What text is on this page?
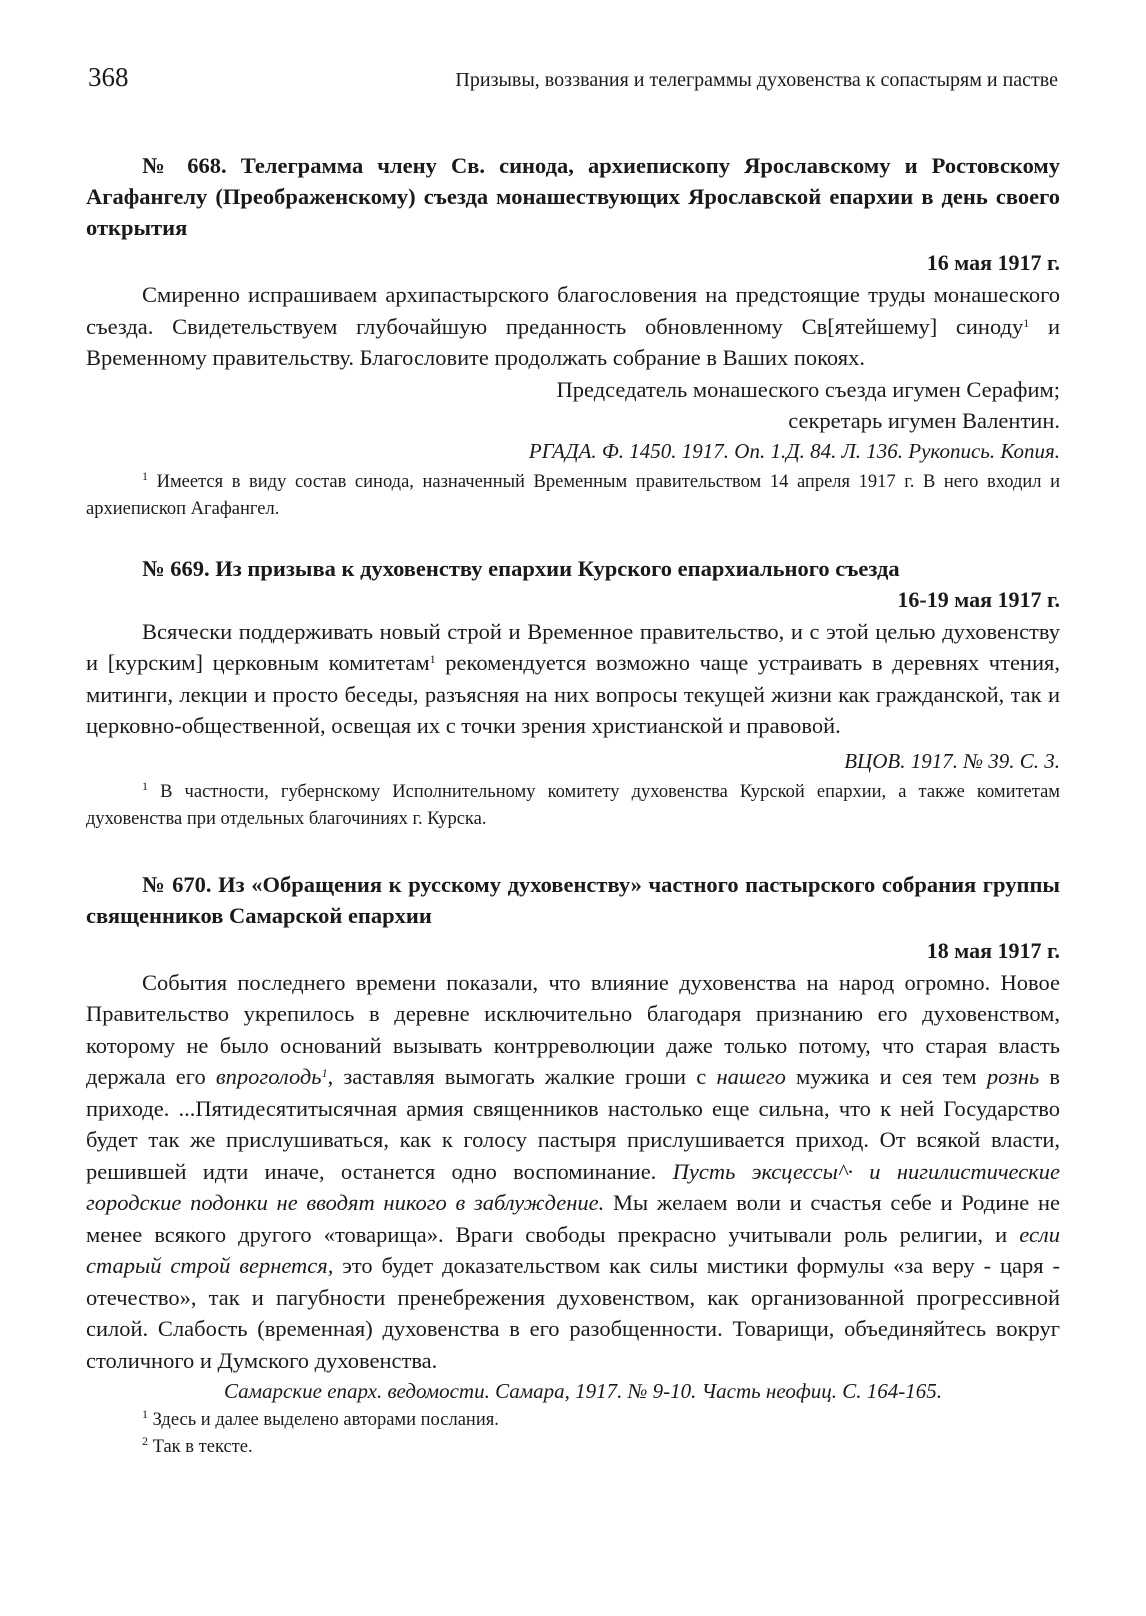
368	Призывы, воззвания и телеграммы духовенства к сопастырям и пастве
№ 668. Телеграмма члену Св. синода, архиепископу Ярославскому и Ростовскому Агафангелу (Преображенскому) съезда монашествующих Ярославской епархии в день своего открытия

16 мая 1917 г.

Смиренно испрашиваем архипастырского благословения на предстоящие труды монашеского съезда. Свидетельствуем глубочайшую преданность обновленному Св[ятейшему] синоду$^1$ и Временному правительству. Благословите продолжать собрание в Ваших покоях.

Председатель монашеского съезда игумен Серафим;

секретарь игумен Валентин.

РГАДА. Ф. 1450. 1917. Оп. 1.Д. 84. Л. 136. Рукопись. Копия.

$^1$ Имеется в виду состав синода, назначенный Временным правительством 14 апреля 1917 г. В него входил и архиепископ Агафангел.

№ 669. Из призыва к духовенству епархии Курского епархиального съезда

16-19 мая 1917 г.

Всячески поддерживать новый строй и Временное правительство, и с этой целью духовенству и [курским] церковным комитетам$^1$ рекомендуется возможно чаще устраивать в деревнях чтения, митинги, лекции и просто беседы, разъясняя на них вопросы текущей жизни как гражданской, так и церковно-общественной, освещая их с точки зрения христианской и правовой.

ВЦОВ. 1917. № 39. С. 3.

$^1$ В частности, губернскому Исполнительному комитету духовенства Курской епархии, а также комитетам духовенства при отдельных благочиниях г. Курска.

№ 670. Из «Обращения к русскому духовенству» частного пастырского собрания группы священников Самарской епархии

18 мая 1917 г.

События последнего времени показали, что влияние духовенства на народ огромно. Новое Правительство укрепилось в деревне исключительно благодаря признанию его духовенством, которому не было оснований вызывать контрреволюции даже только потому, что старая власть держала его впроголодь$^1$, заставляя вымогать жалкие гроши с нашего мужика и сея тем рознь в приходе. ...Пятидесятитысячная армия священников настолько еще сильна, что к ней Государство будет так же прислушиваться, как к голосу пастыря прислушивается приход. От всякой власти, решившей идти иначе, останется одно воспоминание. Пусть эксцессы^· и нигилистические городские подонки не вводят никого в заблуждение. Мы желаем воли и счастья себе и Родине не менее всякого другого «товарища». Враги свободы прекрасно учитывали роль религии, и если старый строй вернется, это будет доказательством как силы мистики формулы «за веру - царя - отечество», так и пагубности пренебрежения духовенством, как организованной прогрессивной силой. Слабость (временная) духовенства в его разобщенности. Товарищи, объединяйтесь вокруг столичного и Думского духовенства.

Самарские епарх. ведомости. Самара, 1917. № 9-10. Часть неофиц. С. 164-165.

$^1$ Здесь и далее выделено авторами послания.

$^2$ Так в тексте.
